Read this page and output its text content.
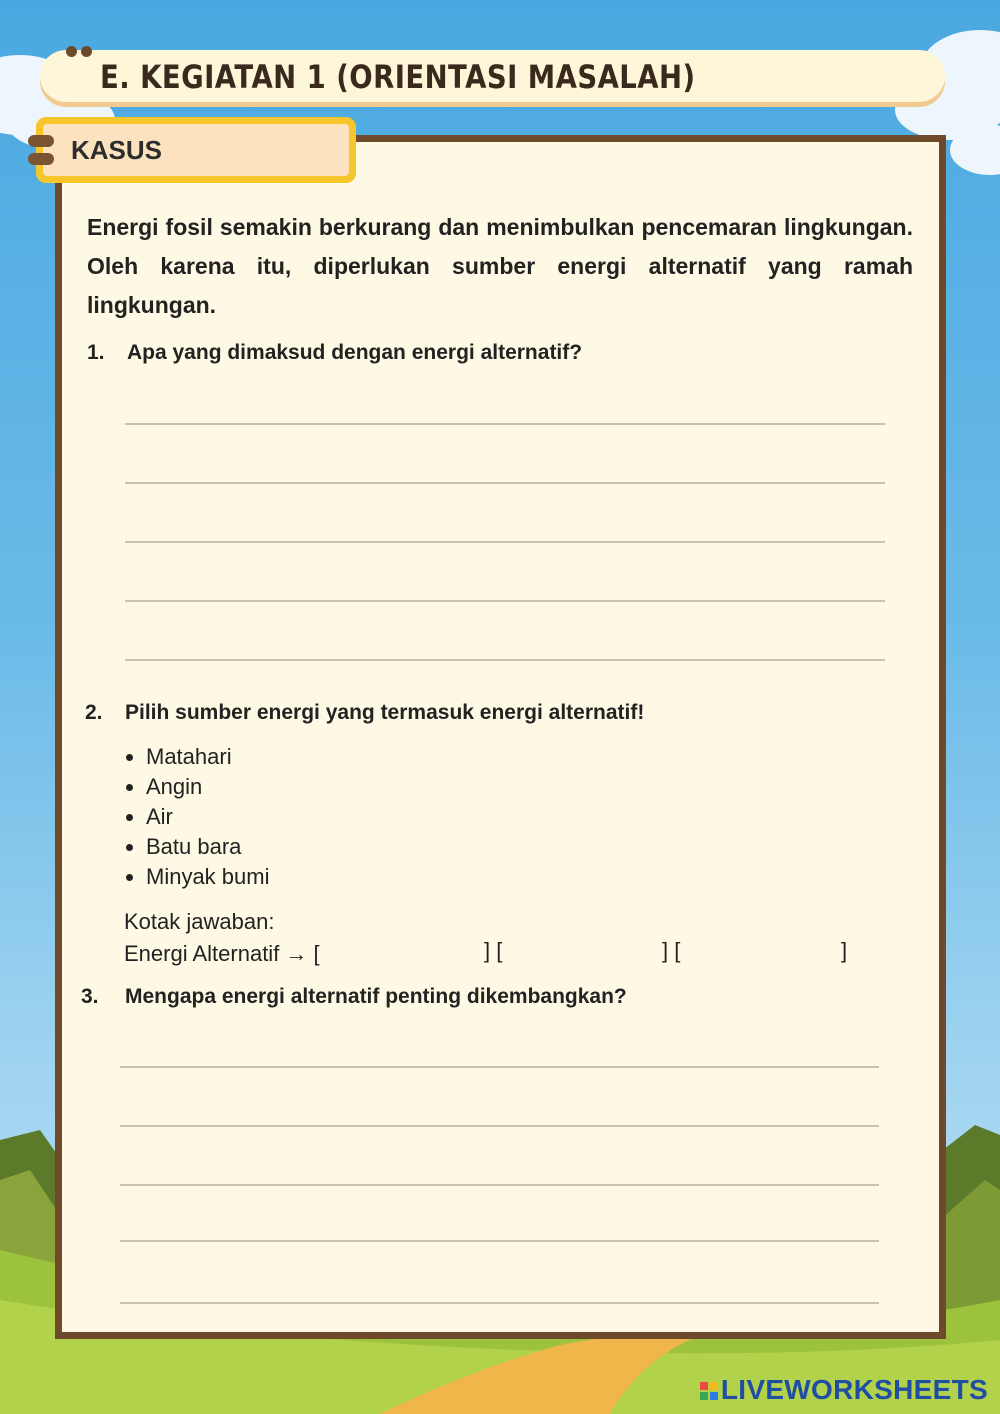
E. KEGIATAN 1 (ORIENTASI MASALAH)
KASUS

Energi fosil semakin berkurang dan menimbulkan pencemaran lingkungan. Oleh karena itu, diperlukan sumber energi alternatif yang ramah lingkungan.

1. Apa yang dimaksud dengan energi alternatif?
2. Pilih sumber energi yang termasuk energi alternatif!
• Matahari
• Angin
• Air
• Batu bara
• Minyak bumi
Kotak jawaban:
Energi Alternatif → [	] [	] [	]
3. Mengapa energi alternatif penting dikembangkan?
LIVEWORKSHEETS
